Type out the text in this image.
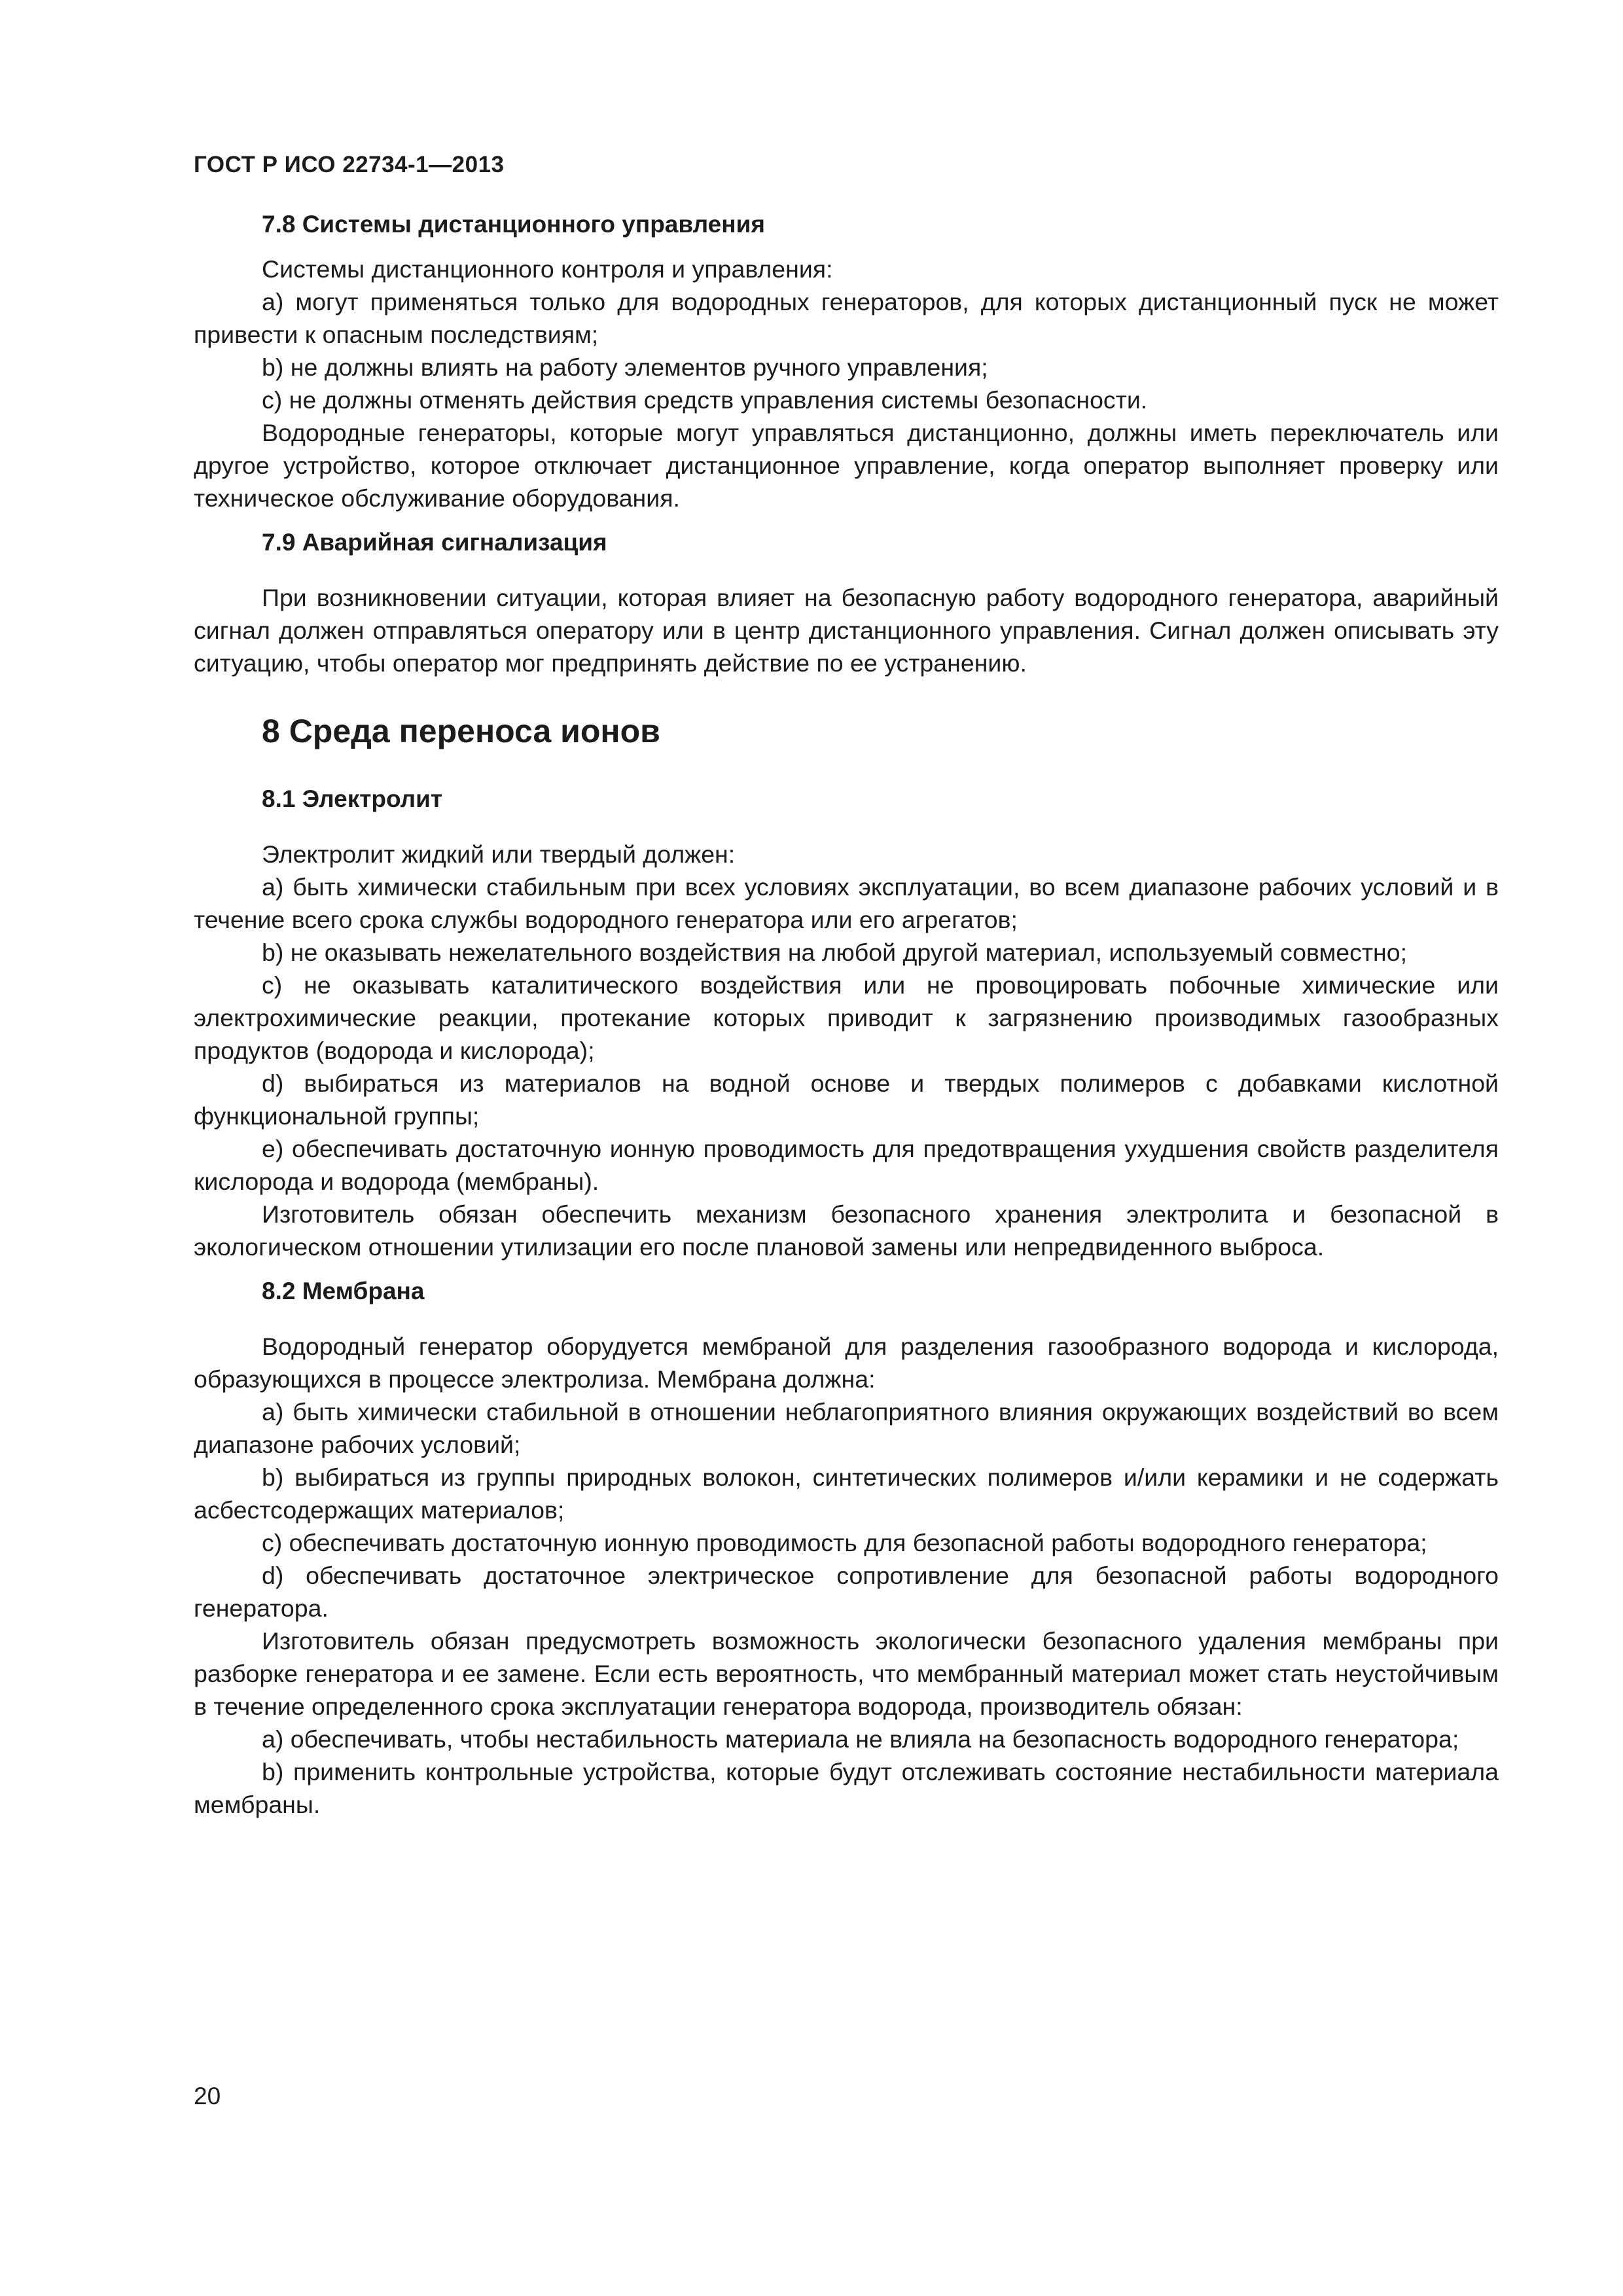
ГОСТ Р ИСО 22734-1—2013
7.8 Системы дистанционного управления

Системы дистанционного контроля и управления:

a) могут применяться только для водородных генераторов, для которых дистанционный пуск не может привести к опасным последствиям;

b) не должны влиять на работу элементов ручного управления;

c) не должны отменять действия средств управления системы безопасности.

Водородные генераторы, которые могут управляться дистанционно, должны иметь переключатель или другое устройство, которое отключает дистанционное управление, когда оператор выполняет проверку или техническое обслуживание оборудования.

7.9 Аварийная сигнализация

При возникновении ситуации, которая влияет на безопасную работу водородного генератора, аварийный сигнал должен отправляться оператору или в центр дистанционного управления. Сигнал должен описывать эту ситуацию, чтобы оператор мог предпринять действие по ее устранению.

8 Среда переноса ионов
8.1 Электролит

Электролит жидкий или твердый должен:

a) быть химически стабильным при всех условиях эксплуатации, во всем диапазоне рабочих условий и в течение всего срока службы водородного генератора или его агрегатов;

b) не оказывать нежелательного воздействия на любой другой материал, используемый совместно;

c) не оказывать каталитического воздействия или не провоцировать побочные химические или электрохимические реакции, протекание которых приводит к загрязнению производимых газообразных продуктов (водорода и кислорода);

d) выбираться из материалов на водной основе и твердых полимеров с добавками кислотной функциональной группы;

e) обеспечивать достаточную ионную проводимость для предотвращения ухудшения свойств разделителя кислорода и водорода (мембраны).

Изготовитель обязан обеспечить механизм безопасного хранения электролита и безопасной в экологическом отношении утилизации его после плановой замены или непредвиденного выброса.

8.2 Мембрана

Водородный генератор оборудуется мембраной для разделения газообразного водорода и кислорода, образующихся в процессе электролиза. Мембрана должна:

a) быть химически стабильной в отношении неблагоприятного влияния окружающих воздействий во всем диапазоне рабочих условий;

b) выбираться из группы природных волокон, синтетических полимеров и/или керамики и не содержать асбестсодержащих материалов;

c) обеспечивать достаточную ионную проводимость для безопасной работы водородного генератора;

d) обеспечивать достаточное электрическое сопротивление для безопасной работы водородного генератора.

Изготовитель обязан предусмотреть возможность экологически безопасного удаления мембраны при разборке генератора и ее замене. Если есть вероятность, что мембранный материал может стать неустойчивым в течение определенного срока эксплуатации генератора водорода, производитель обязан:

a) обеспечивать, чтобы нестабильность материала не влияла на безопасность водородного генератора;

b) применить контрольные устройства, которые будут отслеживать состояние нестабильности материала мембраны.

20
